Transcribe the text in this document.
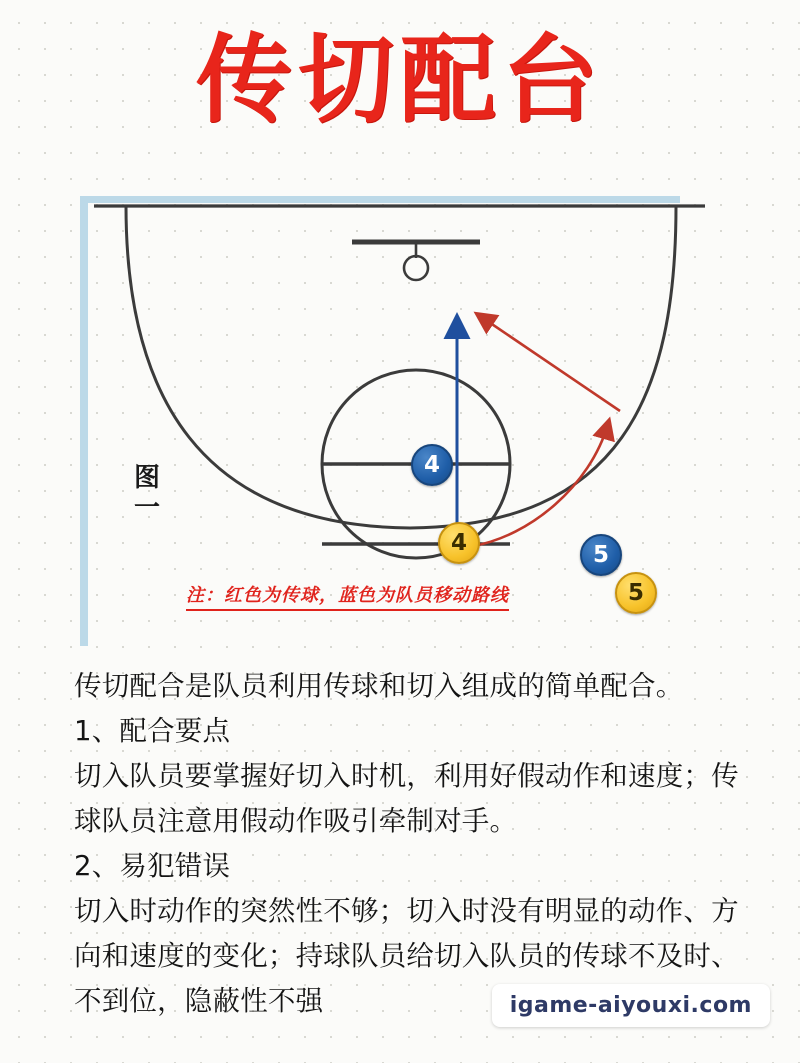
传切配台
5
5
4
4
图一
注：红色为传球，蓝色为队员移动路线

传切配合是队员利用传球和切入组成的简单配合。

1、配合要点

切入队员要掌握好切入时机，利用好假动作和速度；传球队员注意用假动作吸引牵制对手。

2、易犯错误

切入时动作的突然性不够；切入时没有明显的动作、方向和速度的变化；持球队员给切入队员的传球不及时、不到位，隐蔽性不强	igame-aiyouxi.com
